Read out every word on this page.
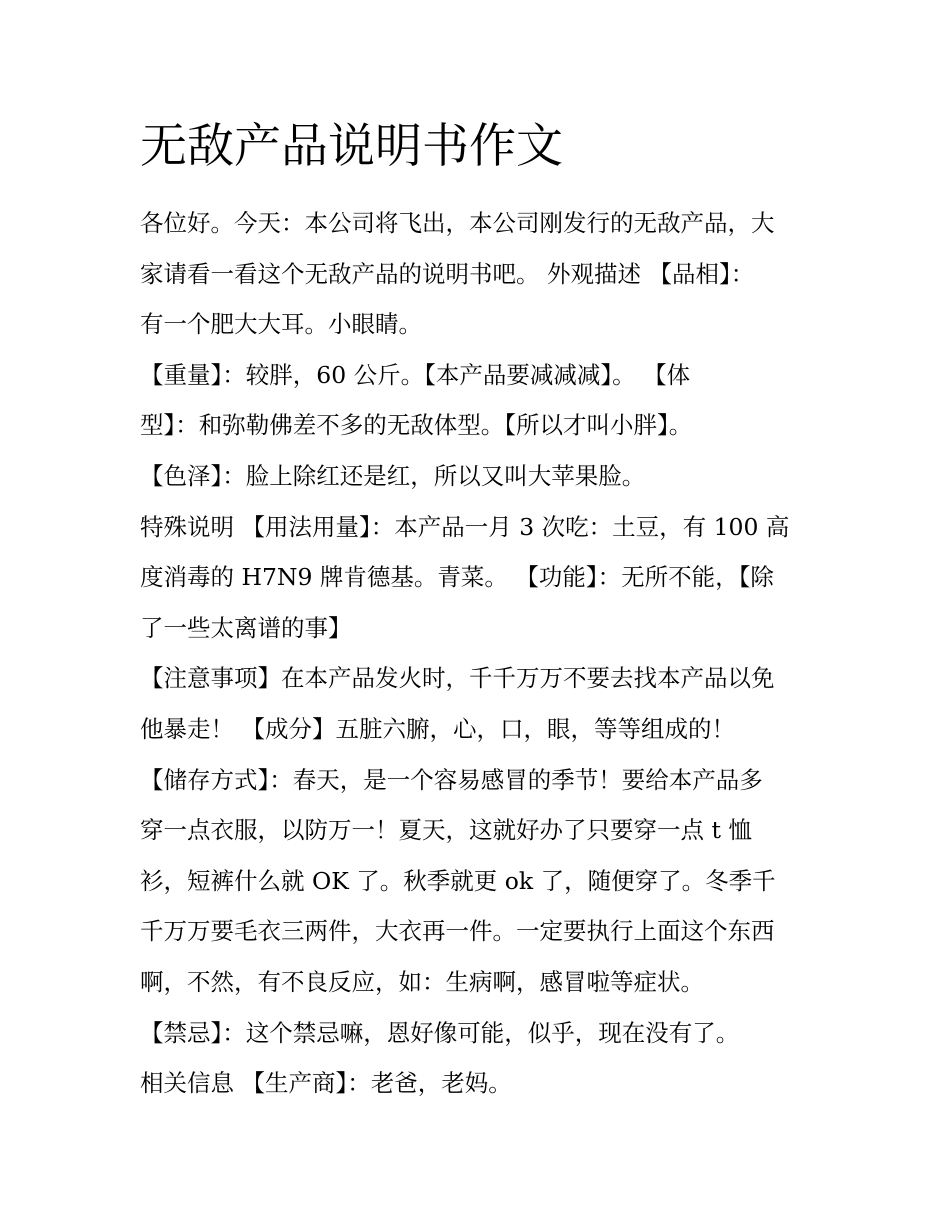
无敌产品说明书作文
各位好。今天：本公司将飞出，本公司刚发行的无敌产品，大
家请看一看这个无敌产品的说明书吧。 外观描述 【品相】：
有一个肥大大耳。小眼睛。
【重量】：较胖，60 公斤。【本产品要减减减】。 【体
型】：和弥勒佛差不多的无敌体型。【所以才叫小胖】。
【色泽】：脸上除红还是红，所以又叫大苹果脸。
特殊说明 【用法用量】：本产品一月 3 次吃：土豆，有 100 高
度消毒的 H7N9 牌肯德基。青菜。 【功能】：无所不能，【除
了一些太离谱的事】
【注意事项】在本产品发火时，千千万万不要去找本产品以免
他暴走！ 【成分】五脏六腑，心，口，眼，等等组成的！
【储存方式】：春天，是一个容易感冒的季节！要给本产品多
穿一点衣服，以防万一！夏天，这就好办了只要穿一点 t 恤
衫，短裤什么就 OK 了。秋季就更 ok 了，随便穿了。冬季千
千万万要毛衣三两件，大衣再一件。一定要执行上面这个东西
啊，不然，有不良反应，如：生病啊，感冒啦等症状。
【禁忌】：这个禁忌嘛，恩好像可能，似乎，现在没有了。
相关信息 【生产商】：老爸，老妈。
